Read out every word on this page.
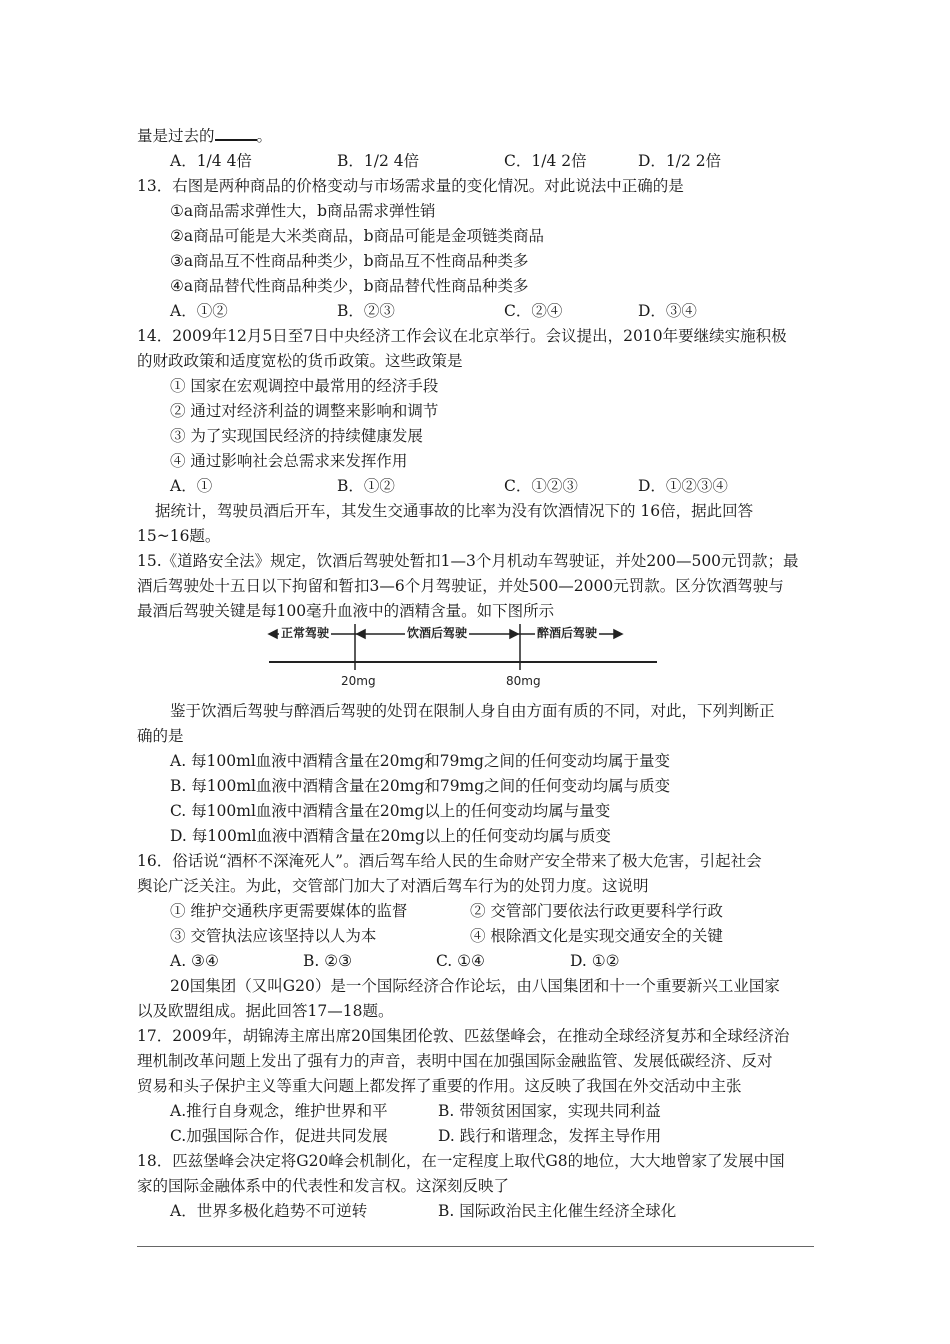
量是过去的	。
A．1/4 4倍	B．1/2 4倍	C．1/4 2倍	D．1/2 2倍
13．右图是两种商品的价格变动与市场需求量的变化情况。对此说法中正确的是
①a商品需求弹性大，b商品需求弹性销
②a商品可能是大米类商品，b商品可能是金项链类商品
③a商品互不性商品种类少，b商品互不性商品种类多
④a商品替代性商品种类少，b商品替代性商品种类多
A．①②	B．②③	C．②④	D．③④
14．2009年12月5日至7日中央经济工作会议在北京举行。会议提出，2010年要继续实施积极
的财政政策和适度宽松的货币政策。这些政策是
① 国家在宏观调控中最常用的经济手段
② 通过对经济利益的调整来影响和调节
③ 为了实现国民经济的持续健康发展
④ 通过影响社会总需求来发挥作用
A．①	B．①②	C．①②③	D．①②③④
据统计，驾驶员酒后开车，其发生交通事故的比率为没有饮酒情况下的 16倍，据此回答
15~16题。
15.《道路安全法》规定，饮酒后驾驶处暂扣1—3个月机动车驾驶证，并处200—500元罚款；最
酒后驾驶处十五日以下拘留和暂扣3—6个月驾驶证，并处500—2000元罚款。区分饮酒驾驶与
最酒后驾驶关键是每100毫升血液中的酒精含量。如下图所示
正常驾驶	饮酒后驾驶	醉酒后驾驶
20mg	80mg
鉴于饮酒后驾驶与醉酒后驾驶的处罚在限制人身自由方面有质的不同，对此，下列判断正
确的是
A. 每100ml血液中酒精含量在20mg和79mg之间的任何变动均属于量变
B. 每100ml血液中酒精含量在20mg和79mg之间的任何变动均属与质变
C. 每100ml血液中酒精含量在20mg以上的任何变动均属与量变
D. 每100ml血液中酒精含量在20mg以上的任何变动均属与质变
16．俗话说“酒杯不深淹死人”。酒后驾车给人民的生命财产安全带来了极大危害，引起社会
舆论广泛关注。为此，交管部门加大了对酒后驾车行为的处罚力度。这说明
① 维护交通秩序更需要媒体的监督	② 交管部门要依法行政更要科学行政
③ 交管执法应该坚持以人为本	④ 根除酒文化是实现交通安全的关键
A. ③④	B. ②③	C. ①④	D. ①②
20国集团（又叫G20）是一个国际经济合作论坛，由八国集团和十一个重要新兴工业国家
以及欧盟组成。据此回答17—18题。
17．2009年，胡锦涛主席出席20国集团伦敦、匹兹堡峰会，在推动全球经济复苏和全球经济治
理机制改革问题上发出了强有力的声音，表明中国在加强国际金融监管、发展低碳经济、反对
贸易和头子保护主义等重大问题上都发挥了重要的作用。这反映了我国在外交活动中主张
A.推行自身观念，维护世界和平	B. 带领贫困国家，实现共同利益
C.加强国际合作，促进共同发展	D. 践行和谐理念，发挥主导作用
18．匹兹堡峰会决定将G20峰会机制化，在一定程度上取代G8的地位，大大地曾家了发展中国
家的国际金融体系中的代表性和发言权。这深刻反映了
A．世界多极化趋势不可逆转	B. 国际政治民主化催生经济全球化
